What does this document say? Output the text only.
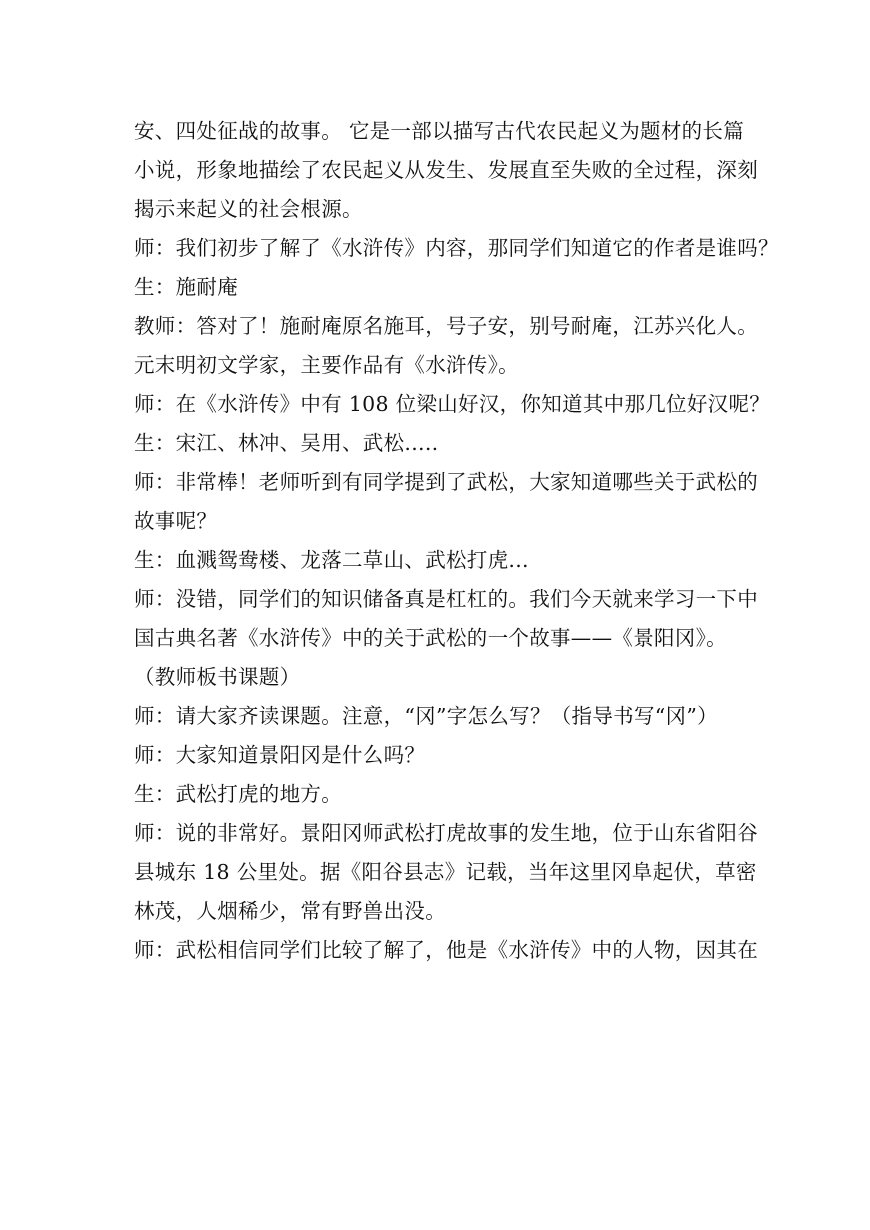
安、四处征战的故事。 它是一部以描写古代农民起义为题材的长篇
小说，形象地描绘了农民起义从发生、发展直至失败的全过程，深刻
揭示来起义的社会根源。
师：我们初步了解了《水浒传》内容，那同学们知道它的作者是谁吗？
生：施耐庵
教师：答对了！施耐庵原名施耳，号子安，别号耐庵，江苏兴化人。
元末明初文学家，主要作品有《水浒传》。
师：在《水浒传》中有 108 位梁山好汉，你知道其中那几位好汉呢？
生：宋江、林冲、吴用、武松.....
师：非常棒！老师听到有同学提到了武松，大家知道哪些关于武松的
故事呢？
生：血溅鸳鸯楼、龙落二草山、武松打虎...
师：没错，同学们的知识储备真是杠杠的。我们今天就来学习一下中
国古典名著《水浒传》中的关于武松的一个故事——《景阳冈》。
（教师板书课题）
师：请大家齐读课题。注意，“冈”字怎么写？（指导书写“冈”）
师：大家知道景阳冈是什么吗？
生：武松打虎的地方。
师：说的非常好。景阳冈师武松打虎故事的发生地，位于山东省阳谷
县城东 18 公里处。据《阳谷县志》记载，当年这里冈阜起伏，草密
林茂，人烟稀少，常有野兽出没。
师：武松相信同学们比较了解了，他是《水浒传》中的人物，因其在
